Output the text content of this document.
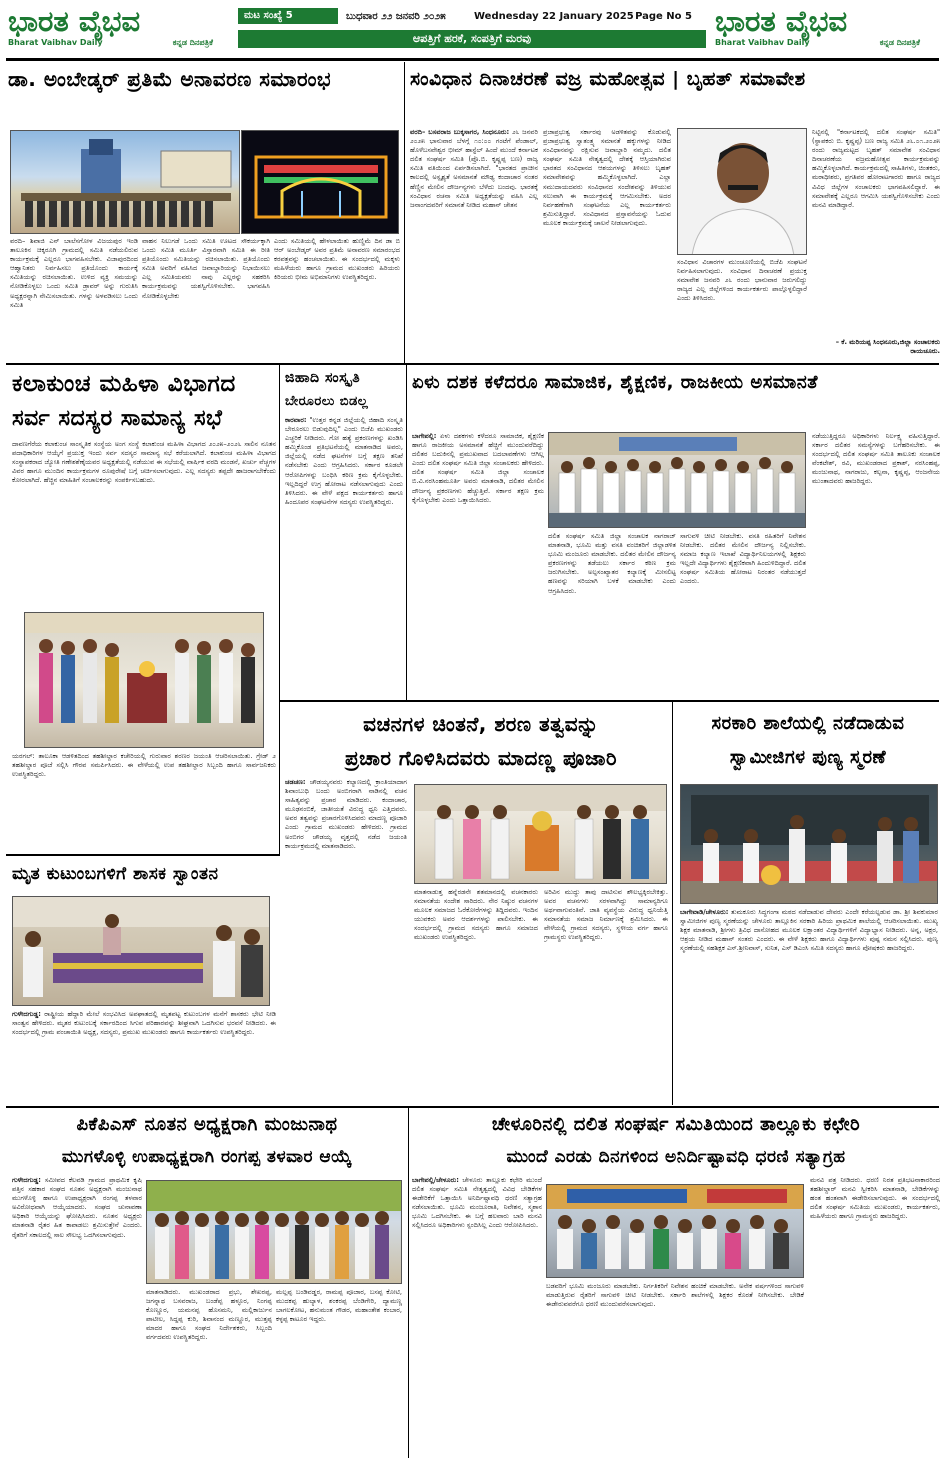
ಭಾರತ ವೈಭವ
Bharat Vaibhav Daily	ಕನ್ನಡ ದಿನಪತ್ರಿಕೆ
ಮಟ ಸಂಖ್ಯೆ 5	ಬುಧವಾರ ೨೨ ಜನವರಿ ೨೦೨೫	Wednesday 22 January 2025 Page No 5
ಆಪತ್ತಿಗೆ ಹರಕೆ, ಸಂಪತ್ತಿಗೆ ಮರವು
ಭಾರತ ವೈಭವ
Bharat Vaibhav Daily	ಕನ್ನಡ ದಿನಪತ್ರಿಕೆ
ಡಾ. ಅಂಬೇಡ್ಕರ್ ಪ್ರತಿಮೆ ಅನಾವರಣ ಸಮಾರಂಭ
ವರದಿ– ಶಿವಾಜಿ ಎನ್ ಬಾಲೆಸಗೋಳ ವಿಜಯಪುರ ಇಂಡಿ ತಾಲೂಕಿನ ಚಿಕ್ಕರೂಗಿ ಗ್ರಾಮದಲ್ಲಿ ಸಮಿತಿ ನಡೆಯಲಿರುವ ಕಾರ್ಯಕ್ರಮಕ್ಕೆ ಎಲ್ಲರೂ ಭಾಗವಹಿಸಬೇಕು. ವಿಜಾಪುರದಿಂದ ಆಹ್ವಾನಿತರು ನಿರ್ವಹಿಸಲು ಪ್ರತಿಯೊಂದು ಕಾರ್ಯಕ್ಕೆ ಸಮಿತಿಯನ್ನು ರಚಿಸಲಾಯಿತು. ಉಳಿದ ವ್ಯಕ್ತಿ ಸಮಯನ್ನು ನೋಡಿಕೊಳ್ಳಲು ಒಂದು ಸಮಿತಿ ಡ್ರಾವರ್ ಅನ್ನು ಗುರುತಿಸಿ ಅಧ್ಯಕ್ಷರನ್ನಾಗಿ ನೇಮಿಸಲಾಯಿತು. ಗಳನ್ನು ಅಳವಡಿಸಲು ಒಂದು ಸಮಿತಿ
ವಾಹನ ನಿಲುಗಡೆ ಒಂದು ಸಮಿತಿ ಊಟದ ಸೌಕರ್ಯಕ್ಕಾಗಿ ಒಂದು ಸಮಿತಿ ಮೂರ್ತಿ ವಿಸ್ತಾರವಾಗಿ ಸಮಿತಿ ಈ ರೀತಿ ಪ್ರತಿಯೊಂದು ಸಮಿತಿಯನ್ನು ರಚಿಸಲಾಯಿತು. ಪ್ರತಿಯೊಂದು ಸಮಿತಿ ಅವರಿಗೆ ವಹಿಸಿದ ಜವಾಬ್ದಾರಿಯನ್ನು ನಿಭಾಯಿಸಲು ಎಲ್ಲ ಸಮಿತಿಯವರು ನಾವು ಎಲ್ಲರನ್ನು ಸಹಕರಿಸಿ ಕಾರ್ಯಕ್ರಮವನ್ನು ಯಶಸ್ವಿಗೊಳಿಸಬೇಕು. ಭಾಗವಹಿಸಿ ನೋಡಿಕೊಳ್ಳಬೇಕು
ಎಂದು ಸಮಿತಿಯಲ್ಲಿ ಹೇಳಲಾಯಿತು ಹುಣ್ಣಿಮೆ ದಿನ ಡಾ ಬಿ ಆರ್ ಅಂಬೇಡ್ಕರ್ ಅವರ ಪ್ರತಿಮೆ ಅನಾವರಣ ಸಮಾರಂಭದ ಕರಪತ್ರವನ್ನು ಹಂಚಲಾಯಿತು. ಈ ಸಂದರ್ಭದಲ್ಲಿ ಮಕ್ಕಳು ಮಹಿಳೆಯರು ಹಾಗೂ ಗ್ರಾಮದ ಮುಖಂಡರು ಹಿರಿಯರು ಕಿರಿಯರು ಭೀಮ ಅಭಿಮಾನಿಗಳು ಉಪಸ್ಥಿತರಿದ್ದರು.
ಸಂವಿಧಾನ ದಿನಾಚರಣೆ ವಜ್ರ ಮಹೋತ್ಸವ | ಬೃಹತ್ ಸಮಾವೇಶ
ವರದಿ– ಬಸವರಾಜ ಬುಕ್ಕಸಾಗರ, ಸಿಂಧನೂರು: ೨೬ ಜನವರಿ ೨೦೨೫ ಭಾನುವಾರ ಬೆಳಗ್ಗೆ ೧೦:೦೦ ಗಂಟೆಗೆ ಪೆಂಡಾಲ್, ಹೊಳೆಬಸವೇಶ್ವರ ಭೀಮ್ ಹಾಸ್ಟೆಲ್ ಹಿಂದೆ ಮುಂದೆ ಕರ್ನಾಟಕ ದಲಿತ ಸಂಘರ್ಷ ಸಮಿತಿ (ಪ್ರೊ.ಬಿ. ಕೃಷ್ಣಪ್ಪ ಬಣ) ರಾಜ್ಯ ಸಮಿತಿ ವತಿಯಿಂದ ಏರ್ಪಡಿಸಲಾಗಿದೆ. "ಭಾರತದ ಪ್ರಾಚೀನ ಕಾಲದಲ್ಲಿ ಅಸ್ಪೃಶ್ಯತೆ ಅಸಮಾನತೆ ಮೌಢ್ಯ ಕಂದಾಚಾರ ನಂತರ ಹೆಣ್ಣಿನ ಮೇಲಿನ ದೌರ್ಜನ್ಯಗಳು ಬೆಳೆದು ಬಂದವು. ಭಾರತಕ್ಕೆ ಸಂವಿಧಾನ ರಚನಾ ಸಮಿತಿ ಅಧ್ಯಕ್ಷತೆಯನ್ನು ವಹಿಸಿ ಎಲ್ಲ ಜನಾಂಗದವರಿಗೆ ಸಮಾನತೆ ನೀಡಿದ ಮಹಾನ್ ಚೇತನ
ಪ್ರಜಾಪ್ರಭುತ್ವ ಸರ್ಕಾರವು ಅಡಳಿತವನ್ನು ಕೊಡುವಲ್ಲಿ ಪ್ರಜಾಪ್ರಭುತ್ವ ಸ್ವಾತಂತ್ರ್ಯ ಸಮಾನತೆ ಹಕ್ಕುಗಳನ್ನು ನೀಡಿದ ಸಂವಿಧಾನವನ್ನು ರಕ್ಷಿಸುವ ಜವಾಬ್ದಾರಿ ನಮ್ಮದು. ದಲಿತ ಸಂಘರ್ಷ ಸಮಿತಿ ನೇತೃತ್ವದಲ್ಲಿ ದೇಶಕ್ಕೆ ಆಸ್ತಿಯಾಗಿರುವ ಭಾರತದ ಸಂವಿಧಾನದ ಆಶಯಗಳನ್ನು ತಿಳಿಸಲು ಬೃಹತ್ ಸಮಾವೇಶವನ್ನು ಹಮ್ಮಿಕೊಳ್ಳಲಾಗಿದೆ. ಎಲ್ಲಾ ಸಮುದಾಯದವರು ಸಂವಿಧಾನದ ಸಂದೇಶವನ್ನು ತಿಳಿಯುವ ಸಲುವಾಗಿ ಈ ಕಾರ್ಯಕ್ರಮಕ್ಕೆ ಆಗಮಿಸಬೇಕು. ಅದರ ನಿರ್ವಹಣೆಗಾಗಿ ಸಂಘಟನೆಯ ಎಲ್ಲ ಕಾರ್ಯಕರ್ತರು ಶ್ರಮಿಸುತ್ತಿದ್ದಾರೆ. ಸಂವಿಧಾನದ ಪ್ರಸ್ತಾವನೆಯನ್ನು ಓದುವ ಮೂಲಕ ಕಾರ್ಯಕ್ರಮಕ್ಕೆ ಚಾಲನೆ ನೀಡಲಾಗುವುದು.
ಸಂವಿಧಾನ ವಿಚಾರಗಳ ಮುಂಚೂಣಿಯಲ್ಲಿ ಬಿಜೆಪಿ ಸಂಘಟನೆ ನಿರ್ವಹಿಸಲಾಗುವುದು. ಸಂವಿಧಾನ ದಿನಾಚರಣೆ ಪ್ರಯುಕ್ತ ಸಮಾವೇಶ ಜನವರಿ ೨೬ ರಂದು ಭಾನುವಾರ ಜರುಗಲಿದ್ದು ರಾಜ್ಯದ ಎಲ್ಲ ಜಿಲ್ಲೆಗಳಿಂದ ಕಾರ್ಯಕರ್ತರು ಪಾಲ್ಗೊಳ್ಳಲಿದ್ದಾರೆ ಎಂದು ತಿಳಿಸಿದರು.
ನಿಟ್ಟಿನಲ್ಲಿ "ಕರ್ನಾಟಕದಲ್ಲಿ ದಲಿತ ಸಂಘರ್ಷ ಸಮಿತಿ" (ಸ್ಥಾಪಕರು ಬಿ. ಕೃಷ್ಣಪ್ಪ) ಬಣ ರಾಜ್ಯ ಸಮಿತಿ ೨೬.೦೧.೨೦೨೫ ರಂದು ರಾಜ್ಯಮಟ್ಟದ ಬೃಹತ್ ಸಮಾವೇಶ ಸಂವಿಧಾನ ದಿನಾಚರಣೆಯ ವಜ್ರಮಹೋತ್ಸವ ಕಾರ್ಯಕ್ರಮವನ್ನು ಹಮ್ಮಿಕೊಳ್ಳಲಾಗಿದೆ. ಕಾರ್ಯಕ್ರಮದಲ್ಲಿ ಸಾಹಿತಿಗಳು, ಚಿಂತಕರು, ಮಠಾಧೀಶರು, ಪ್ರಗತಿಪರ ಹೋರಾಟಗಾರರು ಹಾಗೂ ರಾಜ್ಯದ ವಿವಿಧ ಜಿಲ್ಲೆಗಳ ಸಂಚಾಲಕರು ಭಾಗವಹಿಸಲಿದ್ದಾರೆ. ಈ ಸಮಾವೇಶಕ್ಕೆ ಎಲ್ಲರೂ ಆಗಮಿಸಿ ಯಶಸ್ವಿಗೊಳಿಸಬೇಕು ಎಂದು ಮನವಿ ಮಾಡಿದ್ದಾರೆ.
– ಕೆ. ಮರಿಯಪ್ಪ ಸಿಂಧನೂರು,ಜಿಲ್ಲಾ ಸಂಚಾಲಕರು ರಾಯಚೂರು.
ಕಲಾಕುಂಚ ಮಹಿಳಾ ವಿಭಾಗದ
ಸರ್ವ ಸದಸ್ಯರ ಸಾಮಾನ್ಯ ಸಭೆ
ದಾವಣಗೆರೆಯ ಕಲಾಕುಂಚ ಸಾಂಸ್ಕೃತಿಕ ಸಂಸ್ಥೆಯ ಅಂಗ ಸಂಸ್ಥೆ ಕಲಾಕುಂಚ ಮಹಿಳಾ ವಿಭಾಗದ ೨೦೨೫–೨೦೨೬ ಸಾಲಿನ ನೂತನ ಪದಾಧಿಕಾರಿಗಳ ಆಯ್ಕೆಗೆ ಪ್ರಯುಕ್ತ ಇಂದು ಸರ್ವ ಸದಸ್ಯರ ಸಾಮಾನ್ಯ ಸಭೆ ಕರೆಯಲಾಗಿದೆ. ಕಲಾಕುಂಚ ಮಹಿಳಾ ವಿಭಾಗದ ಸಂಸ್ಥಾಪಕರಾದ ಜ್ಯೋತಿ ಗಣೇಶಶೆಣೈಯವರ ಅಧ್ಯಕ್ಷತೆಯಲ್ಲಿ ನಡೆಯುವ ಈ ಸಭೆಯಲ್ಲಿ ವಾರ್ಷಿಕ ವರದಿ ಮಂಡನೆ, ಖರ್ಚು ವೆಚ್ಚಗಳ ವಿವರ ಹಾಗೂ ಮುಂದಿನ ಕಾರ್ಯಕ್ರಮಗಳ ರೂಪುರೇಷೆ ಬಗ್ಗೆ ಚರ್ಚಿಸಲಾಗುವುದು. ಎಲ್ಲ ಸದಸ್ಯರು ತಪ್ಪದೇ ಹಾಜರಾಗಬೇಕೆಂದು ಕೋರಲಾಗಿದೆ. ಹೆಚ್ಚಿನ ಮಾಹಿತಿಗೆ ಸಂಚಾಲಕರನ್ನು ಸಂಪರ್ಕಿಸಬಹುದು.
ಯರಗಲ್: ತಾಲೂಕಾ ಆಡಳಿತದಿಂದ ತಹಶೀಲ್ದಾರ ಕಚೇರಿಯಲ್ಲಿ ಗುರುವಾರ ಶರಣರ ಜಯಂತಿ ಆಚರಿಸಲಾಯಿತು. ಗ್ರೇಡ್ ೨ ತಹಶೀಲ್ದಾರ ಪೂಜೆ ಸಲ್ಲಿಸಿ ಗೌರವ ಸಮರ್ಪಿಸಿದರು. ಈ ವೇಳೆಯಲ್ಲಿ ಉಪ ತಹಶೀಲ್ದಾರ ಸಿಬ್ಬಂದಿ ಹಾಗೂ ಸಾರ್ವಜನಿಕರು ಉಪಸ್ಥಿತರಿದ್ದರು.
ಜಿಹಾದಿ ಸಂಸ್ಕೃತಿ
ಬೇರೂರಲು ಬಿಡಲ್ಲ
ಕಾರವಾರ: "ಉತ್ತರ ಕನ್ನಡ ಜಿಲ್ಲೆಯಲ್ಲಿ ಜಿಹಾದಿ ಸಂಸ್ಕೃತಿ ಬೇರೂರಲು ಬಿಡುವುದಿಲ್ಲ" ಎಂದು ಬಿಜೆಪಿ ಮುಖಂಡರು ಎಚ್ಚರಿಕೆ ನೀಡಿದರು. ಗೋ ಹತ್ಯೆ ಪ್ರಕರಣಗಳನ್ನು ಖಂಡಿಸಿ ಹಮ್ಮಿಕೊಂಡ ಪ್ರತಿಭಟನೆಯಲ್ಲಿ ಮಾತನಾಡಿದ ಅವರು, ಜಿಲ್ಲೆಯಲ್ಲಿ ನಡೆದ ಘಟನೆಗಳ ಬಗ್ಗೆ ತಕ್ಷಣ ತನಿಖೆ ನಡೆಸಬೇಕು ಎಂದು ಆಗ್ರಹಿಸಿದರು. ಸರ್ಕಾರ ಕೂಡಲೇ ಆರೋಪಿಗಳನ್ನು ಬಂಧಿಸಿ ಕಠಿಣ ಕ್ರಮ ಕೈಗೊಳ್ಳಬೇಕು. ಇಲ್ಲದಿದ್ದರೆ ಉಗ್ರ ಹೋರಾಟ ನಡೆಸಲಾಗುವುದು ಎಂದು ತಿಳಿಸಿದರು. ಈ ವೇಳೆ ಪಕ್ಷದ ಕಾರ್ಯಕರ್ತರು ಹಾಗೂ ಹಿಂದೂಪರ ಸಂಘಟನೆಗಳ ಸದಸ್ಯರು ಉಪಸ್ಥಿತರಿದ್ದರು.
ಏಳು ದಶಕ ಕಳೆದರೂ ಸಾಮಾಜಿಕ, ಶೈಕ್ಷಣಿಕ, ರಾಜಕೀಯ ಅಸಮಾನತೆ
ಬಾಗೇಪಲ್ಲಿ: ಏಳು ದಶಕಗಳು ಕಳೆದರೂ ಸಾಮಾಜಿಕ, ಶೈಕ್ಷಣಿಕ ಹಾಗೂ ರಾಜಕೀಯ ಅಸಮಾನತೆ ಹೆಚ್ಚಿಗೆ ಮುಂದುವರೆದಿದ್ದು ದಲಿತರ ಬದುಕಿನಲ್ಲಿ ಪ್ರಮುಖವಾದ ಬದಲಾವಣೆಗಳು ಆಗಿಲ್ಲ ಎಂದು ದಲಿತ ಸಂಘರ್ಷ ಸಮಿತಿ ಜಿಲ್ಲಾ ಸಂಚಾಲಕರು ಹೇಳಿದರು. ದಲಿತ ಸಂಘರ್ಷ ಸಮಿತಿ ಜಿಲ್ಲಾ ಸಂಚಾಲಕ ಬಿ.ವಿ.ನರಸಿಂಹಮೂರ್ತಿ ಅವರು ಮಾತನಾಡಿ, ದಲಿತರ ಮೇಲಿನ ದೌರ್ಜನ್ಯ ಪ್ರಕರಣಗಳು ಹೆಚ್ಚುತ್ತಿವೆ. ಸರ್ಕಾರ ತಕ್ಷಣ ಕ್ರಮ ಕೈಗೊಳ್ಳಬೇಕು ಎಂದು ಒತ್ತಾಯಿಸಿದರು.
ದಲಿತ ಸಂಘರ್ಷ ಸಮಿತಿ ಜಿಲ್ಲಾ ಸಂಚಾಲಕ ನಾಗರಾಜ್ ಮಾತನಾಡಿ, ಭೂಮಿ ಮತ್ತು ವಸತಿ ವಂಚಿತರಿಗೆ ಜಿಲ್ಲಾಡಳಿತ ಭೂಮಿ ಮಂಜೂರು ಮಾಡಬೇಕು. ದಲಿತರ ಮೇಲಿನ ದೌರ್ಜನ್ಯ ಪ್ರಕರಣಗಳನ್ನು ತಡೆಯಲು ಸರ್ಕಾರ ಕಠಿಣ ಕ್ರಮ ಜರುಗಿಸಬೇಕು. ಅಲ್ಪಸಂಖ್ಯಾತರ ಕಲ್ಯಾಣಕ್ಕೆ ಮೀಸಲಿಟ್ಟ ಹಣವನ್ನು ಸರಿಯಾಗಿ ಬಳಕೆ ಮಾಡಬೇಕು ಎಂದು ಆಗ್ರಹಿಸಿದರು.
ಸಾಗುವಳಿ ಚೀಟಿ ನೀಡಬೇಕು. ವಸತಿ ರಹಿತರಿಗೆ ನಿವೇಶನ ನೀಡಬೇಕು. ದಲಿತರ ಮೇಲಿನ ದೌರ್ಜನ್ಯ ನಿಲ್ಲಿಸಬೇಕು. ಸಮಾಜ ಕಲ್ಯಾಣ ಇಲಾಖೆ ವಿದ್ಯಾರ್ಥಿನಿಲಯಗಳಲ್ಲಿ ಶಿಕ್ಷಕರು ಇಲ್ಲದೇ ವಿದ್ಯಾರ್ಥಿಗಳು ಶೈಕ್ಷಣಿಕವಾಗಿ ಹಿಂದುಳಿದಿದ್ದಾರೆ. ದಲಿತ ಸಂಘರ್ಷ ಸಮಿತಿಯ ಹೋರಾಟ ನಿರಂತರ ನಡೆಯುತ್ತದೆ ಎಂದರು.
ನಡೆಯುತ್ತಿದ್ದರೂ ಅಧಿಕಾರಿಗಳು ನಿರ್ಲಕ್ಷ್ಯ ವಹಿಸುತ್ತಿದ್ದಾರೆ. ಸರ್ಕಾರ ದಲಿತರ ಸಮಸ್ಯೆಗಳನ್ನು ಬಗೆಹರಿಸಬೇಕು. ಈ ಸಂದರ್ಭದಲ್ಲಿ ದಲಿತ ಸಂಘರ್ಷ ಸಮಿತಿ ತಾಲೂಕು ಸಂಚಾಲಕ ವೆಂಕಟೇಶ್, ರವಿ, ಮುಖಂಡರಾದ ಪ್ರಕಾಶ್, ನರಸಿಂಹಪ್ಪ, ಮಂಜುನಾಥ, ನಾಗರಾಜು, ಕಲ್ಪನಾ, ಕೃಷ್ಣಪ್ಪ, ಆಂಜನೇಯ ಮುಂತಾದವರು ಹಾಜರಿದ್ದರು.
ವಚನಗಳ ಚಿಂತನೆ, ಶರಣ ತತ್ವವನ್ನು
ಪ್ರಚಾರ ಗೊಳಿಸಿದವರು ಮಾದಣ್ಣ ಪೂಜಾರಿ
ಚಡಚಣ: ಚೌಡಯ್ಯನವರು ಕಲ್ಯಾಣದಲ್ಲಿ ಕ್ರಾಂತಿಯಾದಾಗ ಶಿವಾಂಬುಧಿ ಬಂದು ಅಂಬಿಗರಾಗಿ ನಾಡಿನಲ್ಲಿ ವಚನ ಸಾಹಿತ್ಯವನ್ನು ಪ್ರಚಾರ ಮಾಡಿದರು. ಕಂದಾಚಾರ, ಮೂಢನಂಬಿಕೆ, ಜಾತೀಯತೆ ವಿರುದ್ಧ ಧ್ವನಿ ಎತ್ತಿದವರು. ಅವರ ತತ್ವವನ್ನು ಪ್ರಚಾರಗೊಳಿಸಿದವರು ಮಾದಣ್ಣ ಪೂಜಾರಿ ಎಂದು ಗ್ರಾಮದ ಮುಖಂಡರು ಹೇಳಿದರು. ಗ್ರಾಮದ ಅಂಬಿಗರ ಚೌಡಯ್ಯ ವೃತ್ತದಲ್ಲಿ ನಡೆದ ಜಯಂತಿ ಕಾರ್ಯಕ್ರಮದಲ್ಲಿ ಮಾತನಾಡಿದರು.
ಮಾತನಾಡುತ್ತ ಹನ್ನೆರಡನೇ ಶತಮಾನದಲ್ಲಿ ವಚನಕಾರರು ಸಮಾನತೆಯ ಸಂದೇಶ ಸಾರಿದರು. ನೇರ ನಿಷ್ಠುರ ವಚನಗಳ ಮೂಲಕ ಸಮಾಜದ ಓರೆಕೋರೆಗಳನ್ನು ತಿದ್ದಿದವರು. ಇಂದಿನ ಯುವಕರು ಅವರ ಆದರ್ಶಗಳನ್ನು ಪಾಲಿಸಬೇಕು. ಈ ಸಂದರ್ಭದಲ್ಲಿ ಗ್ರಾಮದ ಸದಸ್ಯರು ಹಾಗೂ ಸಮಾಜದ ಮುಖಂಡರು ಉಪಸ್ಥಿತರಿದ್ದರು.
ಅರಿವಿನ ಮುದ್ದು ತಾವು ದಾಟಿಸುವ ಶೌಲಭ್ಯಕ್ಕಿರಬೇಕಿತ್ತು. ಅವರ ವಚನಗಳು ಸರಳವಾಗಿದ್ದು ಸಾಮಾನ್ಯರಿಗೂ ಅರ್ಥವಾಗುವಂತಿವೆ. ಜಾತಿ ವ್ಯವಸ್ಥೆಯ ವಿರುದ್ಧ ಧ್ವನಿಯೆತ್ತಿ ಸಮಾನತೆಯ ಸಮಾಜ ನಿರ್ಮಾಣಕ್ಕೆ ಶ್ರಮಿಸಿದರು. ಈ ವೇಳೆಯಲ್ಲಿ ಗ್ರಾಮದ ಸದಸ್ಯರು, ಸ್ಥಳೀಯ ವರ್ಗ ಹಾಗೂ ಗ್ರಾಮಸ್ಥರು ಉಪಸ್ಥಿತರಿದ್ದರು.
ಸರಕಾರಿ ಶಾಲೆಯಲ್ಲಿ ನಡೆದಾಡುವ
ಸ್ವಾಮೀಜಿಗಳ ಪುಣ್ಯ ಸ್ಮರಣೆ
ಬಾಗೇವಾಡಿ/ಚೇಳೂರು: ತುಮಕೂರು ಸಿದ್ಧಗಂಗಾ ಮಠದ ನಡೆದಾಡುವ ದೇವರು ಎಂದೇ ಕರೆಯಲ್ಪಡುವ ಡಾ. ಶ್ರೀ ಶಿವಕುಮಾರ ಸ್ವಾಮೀಜಿಗಳ ಪುಣ್ಯ ಸ್ಮರಣೆಯನ್ನು ಚೇಳೂರು ತಾಲ್ಲೂಕಿನ ಸರಕಾರಿ ಹಿರಿಯ ಪ್ರಾಥಮಿಕ ಶಾಲೆಯಲ್ಲಿ ಆಚರಿಸಲಾಯಿತು. ಮುಖ್ಯ ಶಿಕ್ಷಕ ಮಾತನಾಡಿ, ಶ್ರೀಗಳು ತ್ರಿವಿಧ ದಾಸೋಹದ ಮೂಲಕ ಲಕ್ಷಾಂತರ ವಿದ್ಯಾರ್ಥಿಗಳಿಗೆ ವಿದ್ಯಾಭ್ಯಾಸ ನೀಡಿದರು. ಅನ್ನ, ಅಕ್ಷರ, ಆಶ್ರಯ ನೀಡಿದ ಮಹಾನ್ ಸಂತರು ಎಂದರು. ಈ ವೇಳೆ ಶಿಕ್ಷಕರು ಹಾಗೂ ವಿದ್ಯಾರ್ಥಿಗಳು ಪುಷ್ಪ ನಮನ ಸಲ್ಲಿಸಿದರು. ಪುಣ್ಯ ಸ್ಮರಣೆಯಲ್ಲಿ ಸಹಶಿಕ್ಷಕ ಎಸ್.ಶ್ರೀನಿವಾಸ್, ಸುನಿತ, ಎಸ್ ಡಿಎಂಸಿ ಸಮಿತಿ ಸದಸ್ಯರು ಹಾಗೂ ಪೋಷಕರು ಹಾಜರಿದ್ದರು.
ಮೃತ ಕುಟುಂಬಗಳಿಗೆ ಶಾಸಕ ಸ್ವಾಂತನ
ಗುಳೇದಗುಡ್ಡ: ರಾಷ್ಟ್ರೀಯ ಹೆದ್ದಾರಿ ಮೇಲೆ ಸಂಭವಿಸಿದ ಅಪಘಾತದಲ್ಲಿ ಮೃತಪಟ್ಟ ಕುಟುಂಬಗಳ ಮನೆಗೆ ಶಾಸಕರು ಭೇಟಿ ನೀಡಿ ಸಾಂತ್ವನ ಹೇಳಿದರು. ಮೃತರ ಕುಟುಂಬಕ್ಕೆ ಸರ್ಕಾರದಿಂದ ಸಿಗುವ ಪರಿಹಾರವನ್ನು ಶೀಘ್ರವಾಗಿ ಒದಗಿಸುವ ಭರವಸೆ ನೀಡಿದರು. ಈ ಸಂದರ್ಭದಲ್ಲಿ ಗ್ರಾಮ ಪಂಚಾಯಿತಿ ಅಧ್ಯಕ್ಷ, ಸದಸ್ಯರು, ಪ್ರಮುಖ ಮುಖಂಡರು ಹಾಗೂ ಕಾರ್ಯಕರ್ತರು ಉಪಸ್ಥಿತರಿದ್ದರು.
ಪಿಕೆಪಿಎಸ್ ನೂತನ ಅಧ್ಯಕ್ಷರಾಗಿ ಮಂಜುನಾಥ
ಮುಗಳೊಳ್ಳಿ ಉಪಾಧ್ಯಕ್ಷರಾಗಿ ರಂಗಪ್ಪ ತಳವಾರ ಆಯ್ಕೆ
ಗುಳೇದಗುಡ್ಡ: ಸಮೀಪದ ಕೆಲವಡಿ ಗ್ರಾಮದ ಪ್ರಾಥಮಿಕ ಕೃಷಿ ಪತ್ತಿನ ಸಹಕಾರ ಸಂಘದ ನೂತನ ಅಧ್ಯಕ್ಷರಾಗಿ ಮಂಜುನಾಥ ಮುಗಳೊಳ್ಳಿ ಹಾಗೂ ಉಪಾಧ್ಯಕ್ಷರಾಗಿ ರಂಗಪ್ಪ ತಳವಾರ ಅವಿರೋಧವಾಗಿ ಆಯ್ಕೆಯಾದರು. ಸಂಘದ ಚುನಾವಣಾ ಅಧಿಕಾರಿ ಆಯ್ಕೆಯನ್ನು ಘೋಷಿಸಿದರು. ನೂತನ ಅಧ್ಯಕ್ಷರು ಮಾತನಾಡಿ ರೈತರ ಹಿತ ಕಾಪಾಡಲು ಶ್ರಮಿಸುತ್ತೇನೆ ಎಂದರು. ರೈತರಿಗೆ ಸಕಾಲದಲ್ಲಿ ಸಾಲ ಸೌಲಭ್ಯ ಒದಗಿಸಲಾಗುವುದು.
ಮಾತನಾಡಿದರು. ಮುಖಂಡರಾದ ಪ್ರಭು, ಶೇಖರಪ್ಪ, ಜಗನ್ನಾಥ ಬಸವರಾಜ, ಬಂಡೆಪ್ಪ ಹಳ್ಳೂರ, ನಿಂಗಪ್ಪ ಕೊಣ್ಣೂರ, ಯಮನಪ್ಪ ಹೊಸಮನಿ, ಮಲ್ಲಿಕಾರ್ಜುನ ಪಾಟೀಲ, ಸಿದ್ದಪ್ಪ ಕುರಿ, ಶಿವಾನಂದ ಮಣ್ಣೂರ, ಮುತ್ತಪ್ಪ ಮಾದರ ಹಾಗೂ ಸಂಘದ ನಿರ್ದೇಶಕರು, ಸಿಬ್ಬಂದಿ ವರ್ಗದವರು ಉಪಸ್ಥಿತರಿದ್ದರು.
ಮಲ್ಲಪ್ಪ ಬಂಡಿವಡ್ಡರ, ರಾಮಪ್ಪ ಪೂಜಾರ, ಬಸಪ್ಪ ಕೋಟಿ, ಮುದಕಪ್ಪ ಹುಲ್ಯಾಳ, ಶಂಕರಪ್ಪ ಬೆಂಡಿಗೇರಿ, ದ್ಯಾಮಣ್ಣ ಬಾಗಲಕೋಟ, ಹನುಮಂತ ಗೌಡರ, ಮಹಾಂತೇಶ ಕಂಬಾರ, ಕಳ್ಳಪ್ಪ ಕಾಟೂರ ಇದ್ದರು.
ಚೇಳೂರಿನಲ್ಲಿ ದಲಿತ ಸಂಘರ್ಷ ಸಮಿತಿಯಿಂದ ತಾಲ್ಲೂಕು ಕಛೇರಿ
ಮುಂದೆ ಎರಡು ದಿನಗಳಿಂದ ಅನಿರ್ದಿಷ್ಟಾವಧಿ ಧರಣಿ ಸತ್ಯಾಗ್ರಹ
ಬಾಗೇಪಲ್ಲಿ/ಚೇಳೂರು: ಚೇಳೂರು ತಾಲ್ಲೂಕು ಕಛೇರಿ ಮುಂದೆ ದಲಿತ ಸಂಘರ್ಷ ಸಮಿತಿ ನೇತೃತ್ವದಲ್ಲಿ ವಿವಿಧ ಬೇಡಿಕೆಗಳ ಈಡೇರಿಕೆಗೆ ಒತ್ತಾಯಿಸಿ ಅನಿರ್ದಿಷ್ಟಾವಧಿ ಧರಣಿ ಸತ್ಯಾಗ್ರಹ ನಡೆಸಲಾಯಿತು. ಭೂಮಿ ಮಂಜೂರಾತಿ, ನಿವೇಶನ, ಸ್ಮಶಾನ ಭೂಮಿ ಒದಗಿಸಬೇಕು. ಈ ಬಗ್ಗೆ ಹಲವಾರು ಬಾರಿ ಮನವಿ ಸಲ್ಲಿಸಿದರೂ ಅಧಿಕಾರಿಗಳು ಸ್ಪಂದಿಸಿಲ್ಲ ಎಂದು ಆರೋಪಿಸಿದರು.
ಬಡವರಿಗೆ ಭೂಮಿ ಮಂಜೂರು ಮಾಡಬೇಕು. ನಿರ್ಗತಿಕರಿಗೆ ನಿವೇಶನ ಹಂಚಿಕೆ ಮಾಡಬೇಕು. ಅನೇಕ ವರ್ಷಗಳಿಂದ ಸಾಗುವಳಿ ಮಾಡುತ್ತಿರುವ ರೈತರಿಗೆ ಸಾಗುವಳಿ ಚೀಟಿ ನೀಡಬೇಕು. ಸರ್ಕಾರಿ ಶಾಲೆಗಳಲ್ಲಿ ಶಿಕ್ಷಕರ ಕೊರತೆ ನೀಗಿಸಬೇಕು. ಬೇಡಿಕೆ ಈಡೇರುವವರೆಗೂ ಧರಣಿ ಮುಂದುವರೆಸಲಾಗುವುದು.
ಮನವಿ ಪತ್ರ ನೀಡಿದರು. ಧರಣಿ ನಿರತ ಪ್ರತಿಭಟನಾಕಾರರಿಂದ ತಹಶೀಲ್ದಾರ್ ಮನವಿ ಸ್ವೀಕರಿಸಿ ಮಾತನಾಡಿ, ಬೇಡಿಕೆಗಳನ್ನು ಹಂತ ಹಂತವಾಗಿ ಈಡೇರಿಸಲಾಗುವುದು. ಈ ಸಂದರ್ಭದಲ್ಲಿ ದಲಿತ ಸಂಘರ್ಷ ಸಮಿತಿಯ ಮುಖಂಡರು, ಕಾರ್ಯಕರ್ತರು, ಮಹಿಳೆಯರು ಹಾಗೂ ಗ್ರಾಮಸ್ಥರು ಹಾಜರಿದ್ದರು.
